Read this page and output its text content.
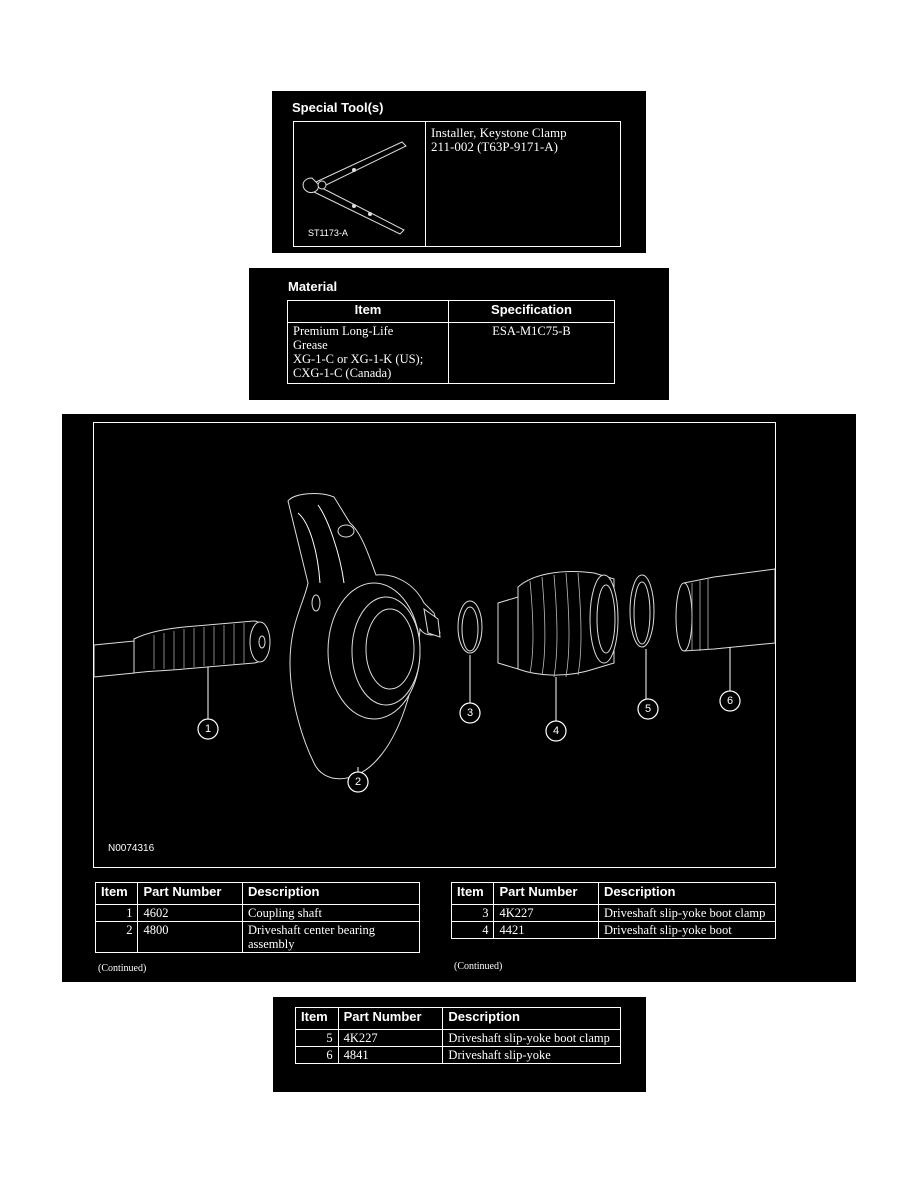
Special Tool(s)
ST1173-A
Installer, Keystone Clamp
211-002 (T63P-9171-A)
Material
Item	Specification

Premium Long-Life
Grease
XG-1-C or XG-1-K (US);
CXG-1-C (Canada)	ESA-M1C75-B
1
2
3
4
5
6
N0074316
Item	Part Number	Description
1	4602	Coupling shaft
2	4800	Driveshaft center bearing assembly
(Continued)
Item	Part Number	Description
3	4K227	Driveshaft slip-yoke boot clamp
4	4421	Driveshaft slip-yoke boot
(Continued)
Item	Part Number	Description
5	4K227	Driveshaft slip-yoke boot clamp
6	4841	Driveshaft slip-yoke
